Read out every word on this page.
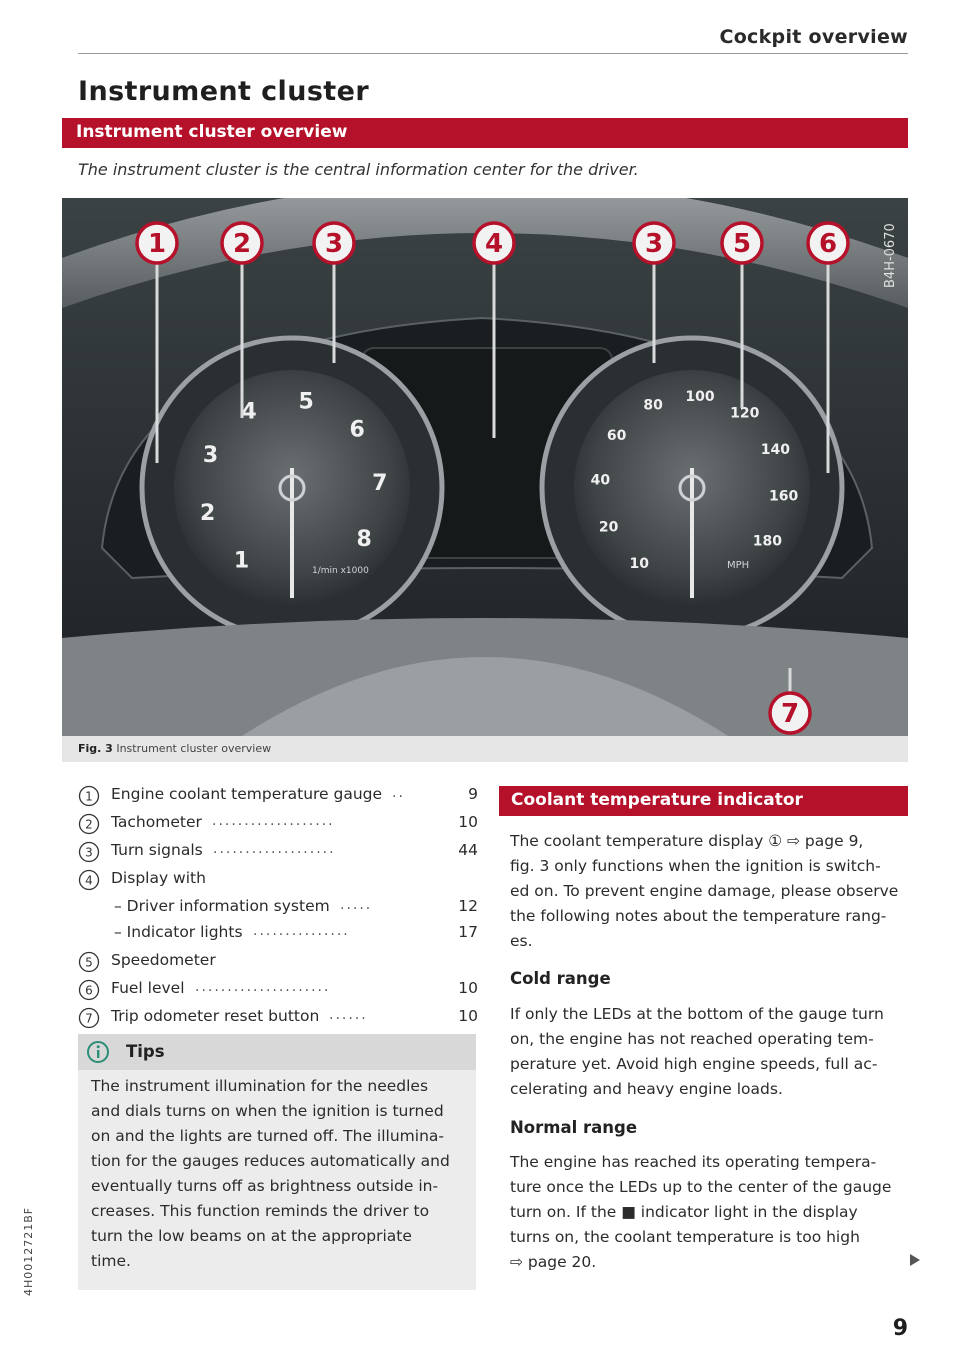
Cockpit overview
Instrument cluster
Instrument cluster overview
The instrument cluster is the central information center for the driver.
1
2
3
4 5
6
7
8
10
20
40
60
80
100
120
140
160
180
1/min x1000	MPH
1	2	3	4	3	5	6
7
B4H-0670
Fig. 3 Instrument cluster overview
1 Engine coolant temperature gauge	9
..
2 Tachometer	10
...................
3 Turn signals	44
...................
4 Display with
– Driver information system	12
.....
– Indicator lights	17
...............
5 Speedometer
6 Fuel level	10
.....................
7 Trip odometer reset button	10
......
Tips
The instrument illumination for the needles
and dials turns on when the ignition is turned
on and the lights are turned off. The illumina-
tion for the gauges reduces automatically and
eventually turns off as brightness outside in-
creases. This function reminds the driver to
turn the low beams on at the appropriate
time.
Coolant temperature indicator
The coolant temperature display ① ⇨ page 9,
fig. 3 only functions when the ignition is switch-
ed on. To prevent engine damage, please observe
the following notes about the temperature rang-
es.
Cold range
If only the LEDs at the bottom of the gauge turn
on, the engine has not reached operating tem-
perature yet. Avoid high engine speeds, full ac-
celerating and heavy engine loads.
Normal range
The engine has reached its operating tempera-
ture once the LEDs up to the center of the gauge
turn on. If the ■ indicator light in the display
turns on, the coolant temperature is too high
⇨ page 20.
9
4H0012721BF
